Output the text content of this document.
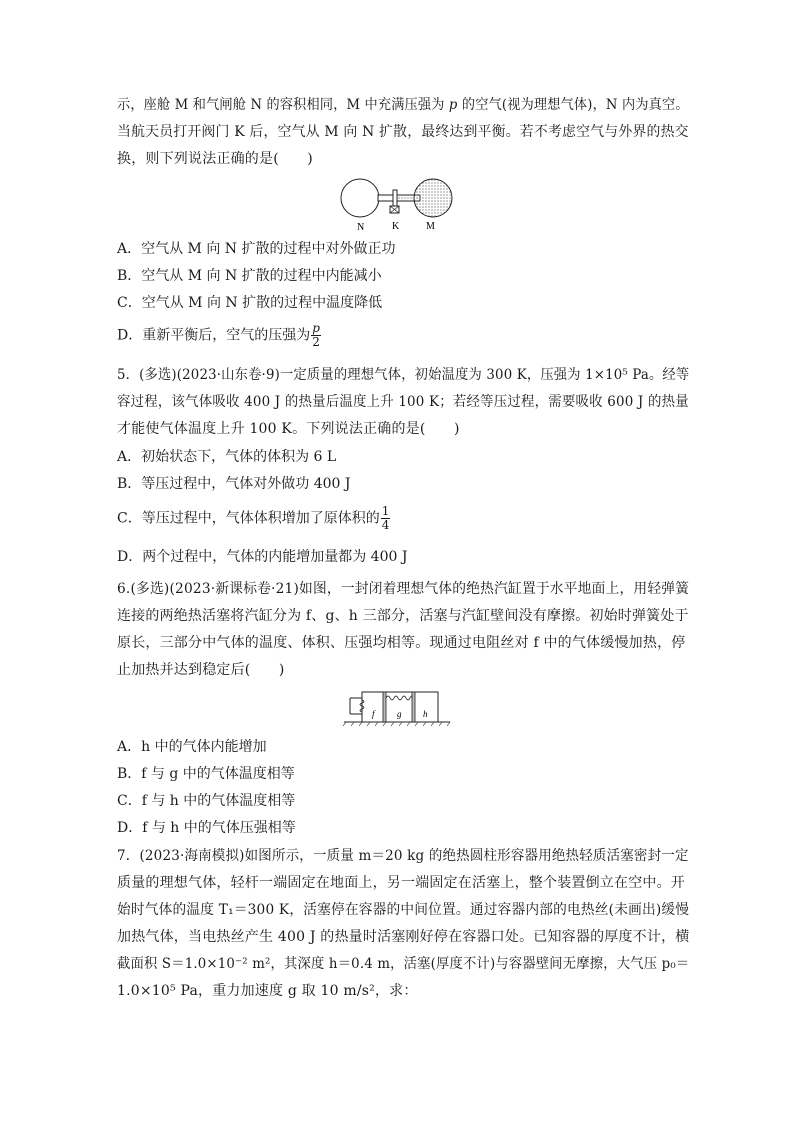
示，座舱 M 和气闸舱 N 的容积相同，M 中充满压强为 p 的空气(视为理想气体)，N 内为真空。
当航天员打开阀门 K 后，空气从 M 向 N 扩散，最终达到平衡。若不考虑空气与外界的热交
换，则下列说法正确的是(　　)
N	K	M
A．空气从 M 向 N 扩散的过程中对外做正功
B．空气从 M 向 N 扩散的过程中内能减小
C．空气从 M 向 N 扩散的过程中温度降低
D．重新平衡后，空气的压强为 $\frac{p}{2}$
5．(多选)(2023·山东卷·9)一定质量的理想气体，初始温度为 300 K，压强为 1×10⁵ Pa。经等
容过程，该气体吸收 400 J 的热量后温度上升 100 K；若经等压过程，需要吸收 600 J 的热量
才能使气体温度上升 100 K。下列说法正确的是(　　)
A．初始状态下，气体的体积为 6 L
B．等压过程中，气体对外做功 400 J
C．等压过程中，气体体积增加了原体积的 $\frac{1}{4}$
D．两个过程中，气体的内能增加量都为 400 J
6.(多选)(2023·新课标卷·21)如图，一封闭着理想气体的绝热汽缸置于水平地面上，用轻弹簧
连接的两绝热活塞将汽缸分为 f、g、h 三部分，活塞与汽缸壁间没有摩擦。初始时弹簧处于
原长，三部分中气体的温度、体积、压强均相等。现通过电阻丝对 f 中的气体缓慢加热，停
止加热并达到稳定后(　　)
f g h
A．h 中的气体内能增加
B．f 与 g 中的气体温度相等
C．f 与 h 中的气体温度相等
D．f 与 h 中的气体压强相等
7．(2023·海南模拟)如图所示，一质量 m＝20 kg 的绝热圆柱形容器用绝热轻质活塞密封一定
质量的理想气体，轻杆一端固定在地面上，另一端固定在活塞上，整个装置倒立在空中。开
始时气体的温度 T₁＝300 K，活塞停在容器的中间位置。通过容器内部的电热丝(未画出)缓慢
加热气体，当电热丝产生 400 J 的热量时活塞刚好停在容器口处。已知容器的厚度不计，横
截面积 S＝1.0×10⁻² m²，其深度 h＝0.4 m，活塞(厚度不计)与容器壁间无摩擦，大气压 p₀＝
1.0×10⁵ Pa，重力加速度 g 取 10 m/s²，求：
